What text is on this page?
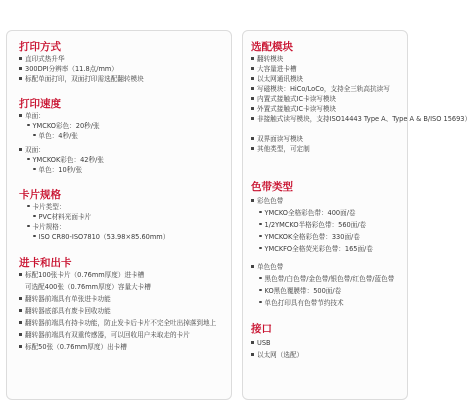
打印方式
直印式热升华
300DPI分辨率（11.8点/mm）
标配单面打印，双面打印需选配翻转模块
打印速度
单面：
YMCKO彩色：20秒/张
单色：4秒/张
双面：
YMCKOK彩色：42秒/张
单色：10秒/张
卡片规格
卡片类型：
PVC材料光面卡片
卡片规格：
ISO CR80-ISO7810（53.98×85.60mm）
进卡和出卡
标配100张卡片（0.76mm厚度）进卡槽
可选配400张（0.76mm厚度）容量大卡槽
翻转器前端具有单张进卡功能
翻转器底部具有废卡回收功能
翻转器前端具有持卡功能，防止发卡后卡片不完全吐出掉落到地上
翻转器前端具有双重传感器，可以回收用户未取走的卡片
标配50张（0.76mm厚度）出卡槽
选配模块
翻转模块
大容量进卡槽
以太网通讯模块
写磁模块：HiCo/LoCo，支持全三轨高抗读写
内置式接触式IC卡读写模块
外置式接触式IC卡读写模块
非接触式读写模块，支持ISO14443 Type A、Type A & B/ISO 15693）
双界面读写模块
其他类型，可定制
色带类型
彩色色带
YMCKO全格彩色带：400面/卷
1/2YMCKO半格彩色带：560面/卷
YMCKOK全格彩色带：330面/卷
YMCKFO全格荧光彩色带：165面/卷
单色色带
黑色带/白色带/金色带/银色带/红色带/蓝色带
KO黑色覆膜带：500面/卷
单色打印具有色带节约技术
接口
USB
以太网（选配）
